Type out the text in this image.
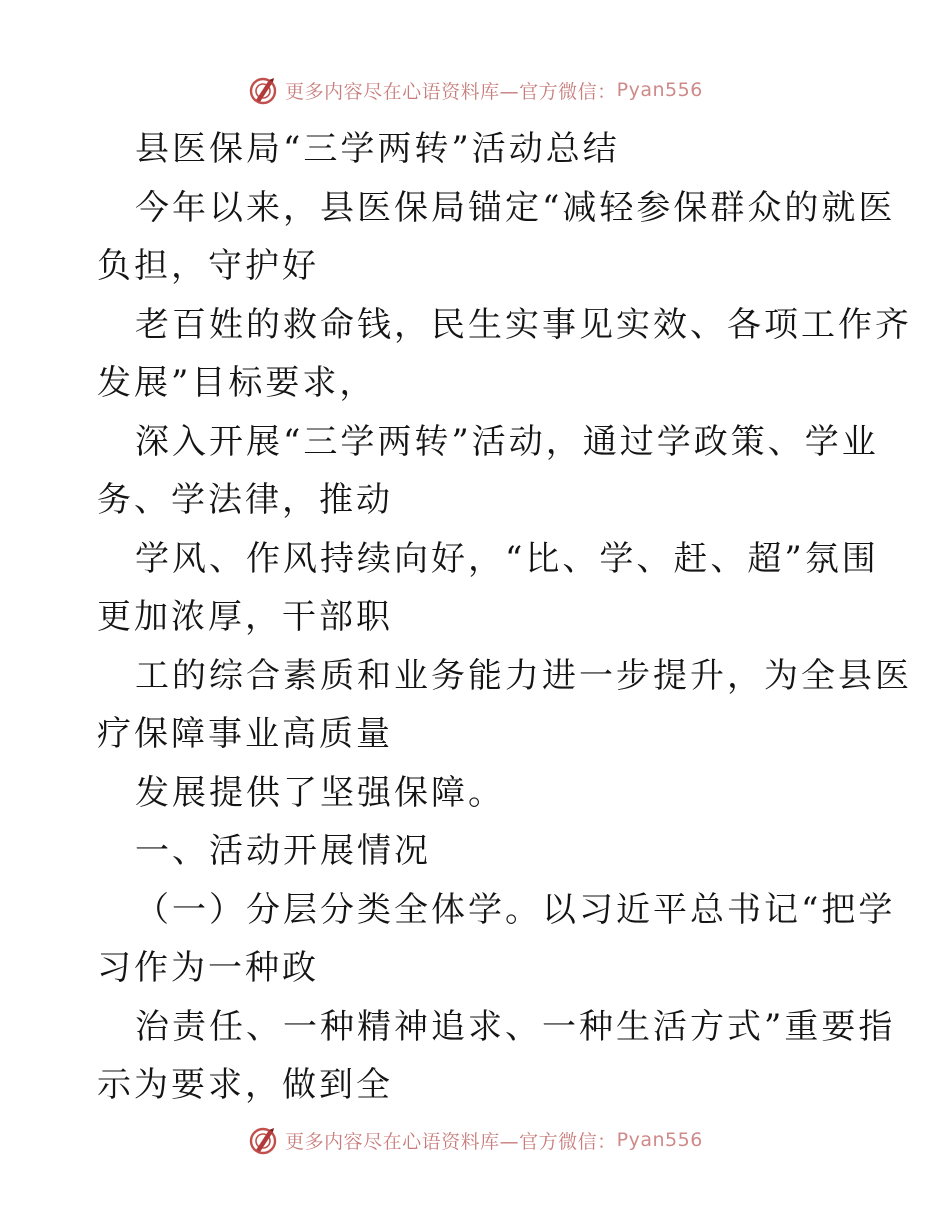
更多内容尽在心语资料库—官方微信： Pyan556
县医保局“三学两转”活动总结
今年以来，县医保局锚定“减轻参保群众的就医
负担，守护好
老百姓的救命钱，民生实事见实效、各项工作齐
发展”目标要求，
深入开展“三学两转”活动，通过学政策、学业
务、学法律，推动
学风、作风持续向好，“比、学、赶、超”氛围
更加浓厚，干部职
工的综合素质和业务能力进一步提升，为全县医
疗保障事业高质量
发展提供了坚强保障。
一、活动开展情况
（一）分层分类全体学。以习近平总书记“把学
习作为一种政
治责任、一种精神追求、一种生活方式”重要指
示为要求，做到全
更多内容尽在心语资料库—官方微信： Pyan556
